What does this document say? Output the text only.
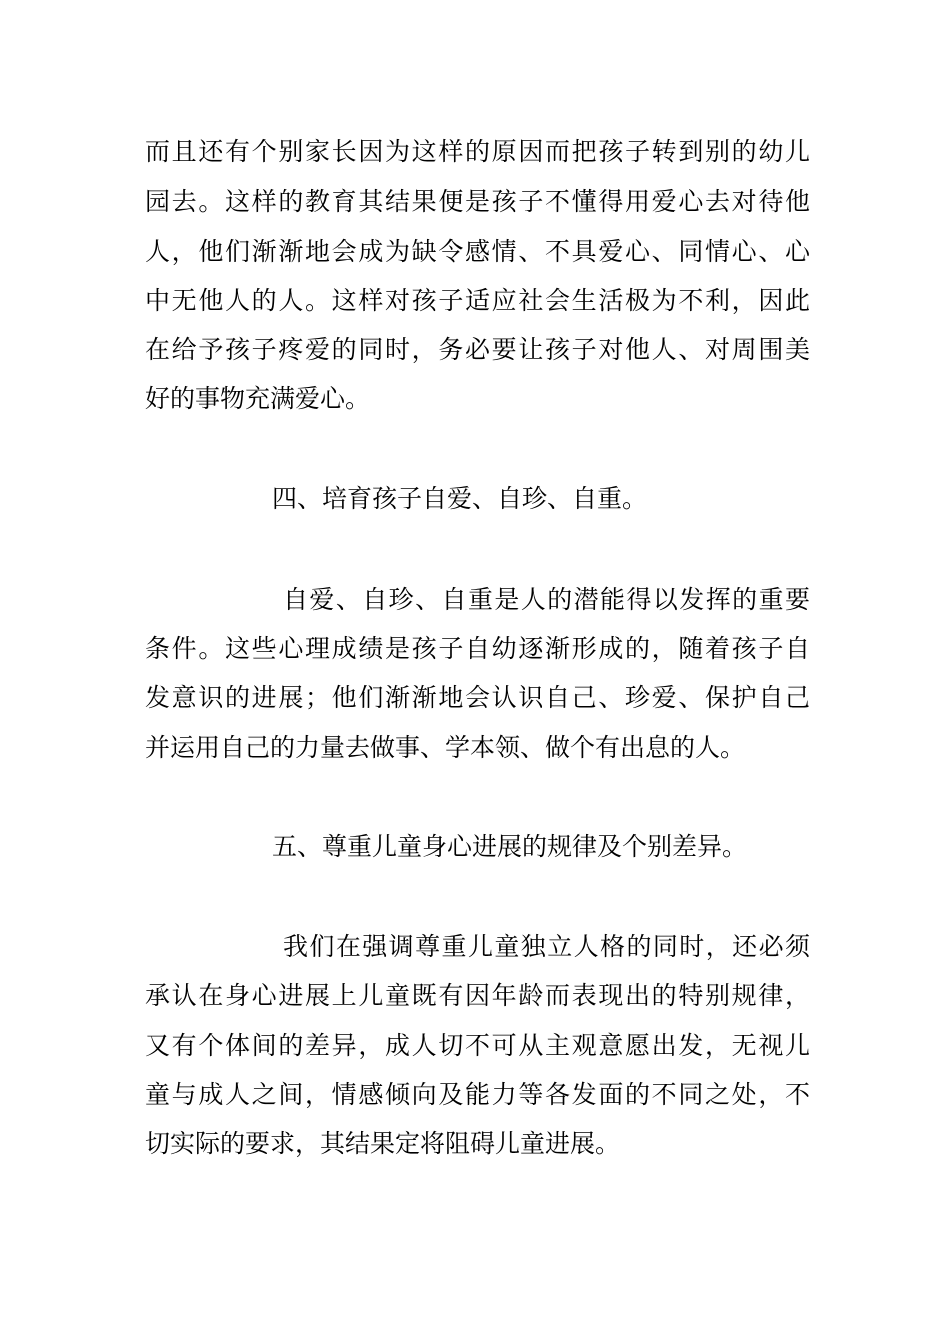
而且还有个别家长因为这样的原因而把孩子转到别的幼儿
园去。这样的教育其结果便是孩子不懂得用爱心去对待他
人，他们渐渐地会成为缺令感情、不具爱心、同情心、心
中无他人的人。这样对孩子适应社会生活极为不利，因此
在给予孩子疼爱的同时，务必要让孩子对他人、对周围美
好的事物充满爱心。
四、培育孩子自爱、自珍、自重。
自爱、自珍、自重是人的潜能得以发挥的重要
条件。这些心理成绩是孩子自幼逐渐形成的，随着孩子自
发意识的进展；他们渐渐地会认识自己、珍爱、保护自己
并运用自己的力量去做事、学本领、做个有出息的人。
五、尊重儿童身心进展的规律及个别差异。
我们在强调尊重儿童独立人格的同时，还必须
承认在身心进展上儿童既有因年龄而表现出的特别规律，
又有个体间的差异，成人切不可从主观意愿出发，无视儿
童与成人之间，情感倾向及能力等各发面的不同之处，不
切实际的要求，其结果定将阻碍儿童进展。
